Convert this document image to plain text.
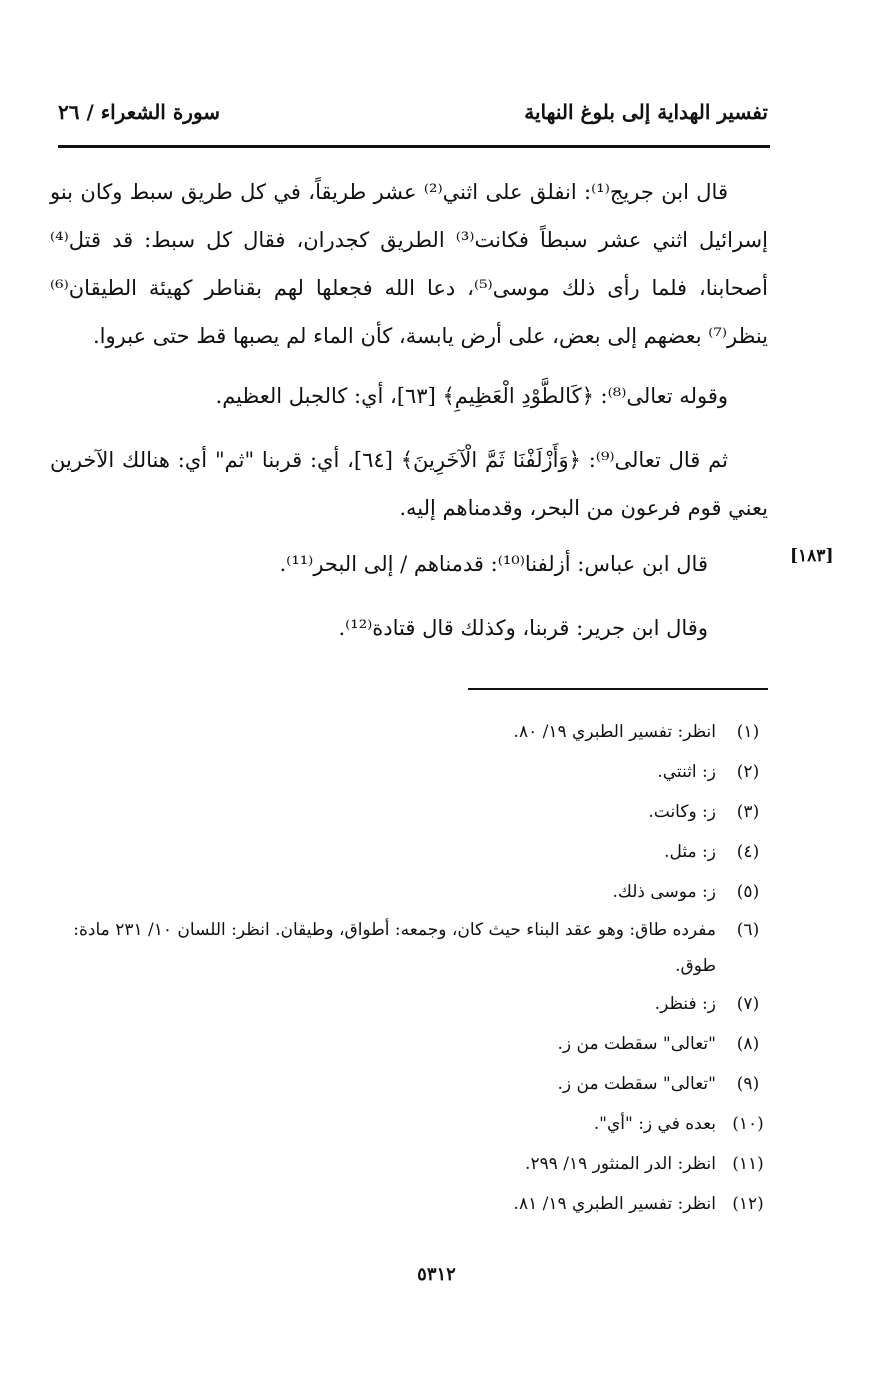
تفسير الهداية إلى بلوغ النهاية
سورة الشعراء / ٢٦

قال ابن جريج⁽¹⁾: انفلق على اثني⁽²⁾ عشر طريقاً، في كل طريق سبط وكان بنو إسرائيل اثني عشر سبطاً فكانت⁽³⁾ الطريق كجدران، فقال كل سبط: قد قتل⁽⁴⁾ أصحابنا، فلما رأى ذلك موسى⁽⁵⁾، دعا الله فجعلها لهم بقناطر كهيئة الطيقان⁽⁶⁾ ينظر⁽⁷⁾ بعضهم إلى بعض، على أرض يابسة، كأن الماء لم يصبها قط حتى عبروا.

وقوله تعالى⁽⁸⁾: ﴿كَالطَّوْدِ الْعَظِيمِ﴾ [٦٣]، أي: كالجبل العظيم.

ثم قال تعالى⁽⁹⁾: ﴿وَأَزْلَفْنَا ثَمَّ الْآخَرِينَ﴾ [٦٤]، أي: قربنا "ثم" أي: هنالك الآخرين يعني قوم فرعون من البحر، وقدمناهم إليه.

قال ابن عباس: أزلفنا⁽¹⁰⁾: قدمناهم / إلى البحر⁽¹¹⁾.

وقال ابن جرير: قربنا، وكذلك قال قتادة⁽¹²⁾.

[١٨٣]
(١)
انظر: تفسير الطبري ١٩/ ٨٠.
(٢)
ز: اثنتي.
(٣)
ز: وكانت.
(٤)
ز: مثل.
(٥)
ز: موسى ذلك.
(٦)
مفرده طاق: وهو عقد البناء حيث كان، وجمعه: أطواق، وطيقان. انظر: اللسان ١٠/ ٢٣١ مادة: طوق.
(٧)
ز: فنظر.
(٨)
"تعالى" سقطت من ز.
(٩)
"تعالى" سقطت من ز.
(١٠)
بعده في ز: "أي".
(١١)
انظر: الدر المنثور ١٩/ ٢٩٩.
(١٢)
انظر: تفسير الطبري ١٩/ ٨١.
٥٣١٢
